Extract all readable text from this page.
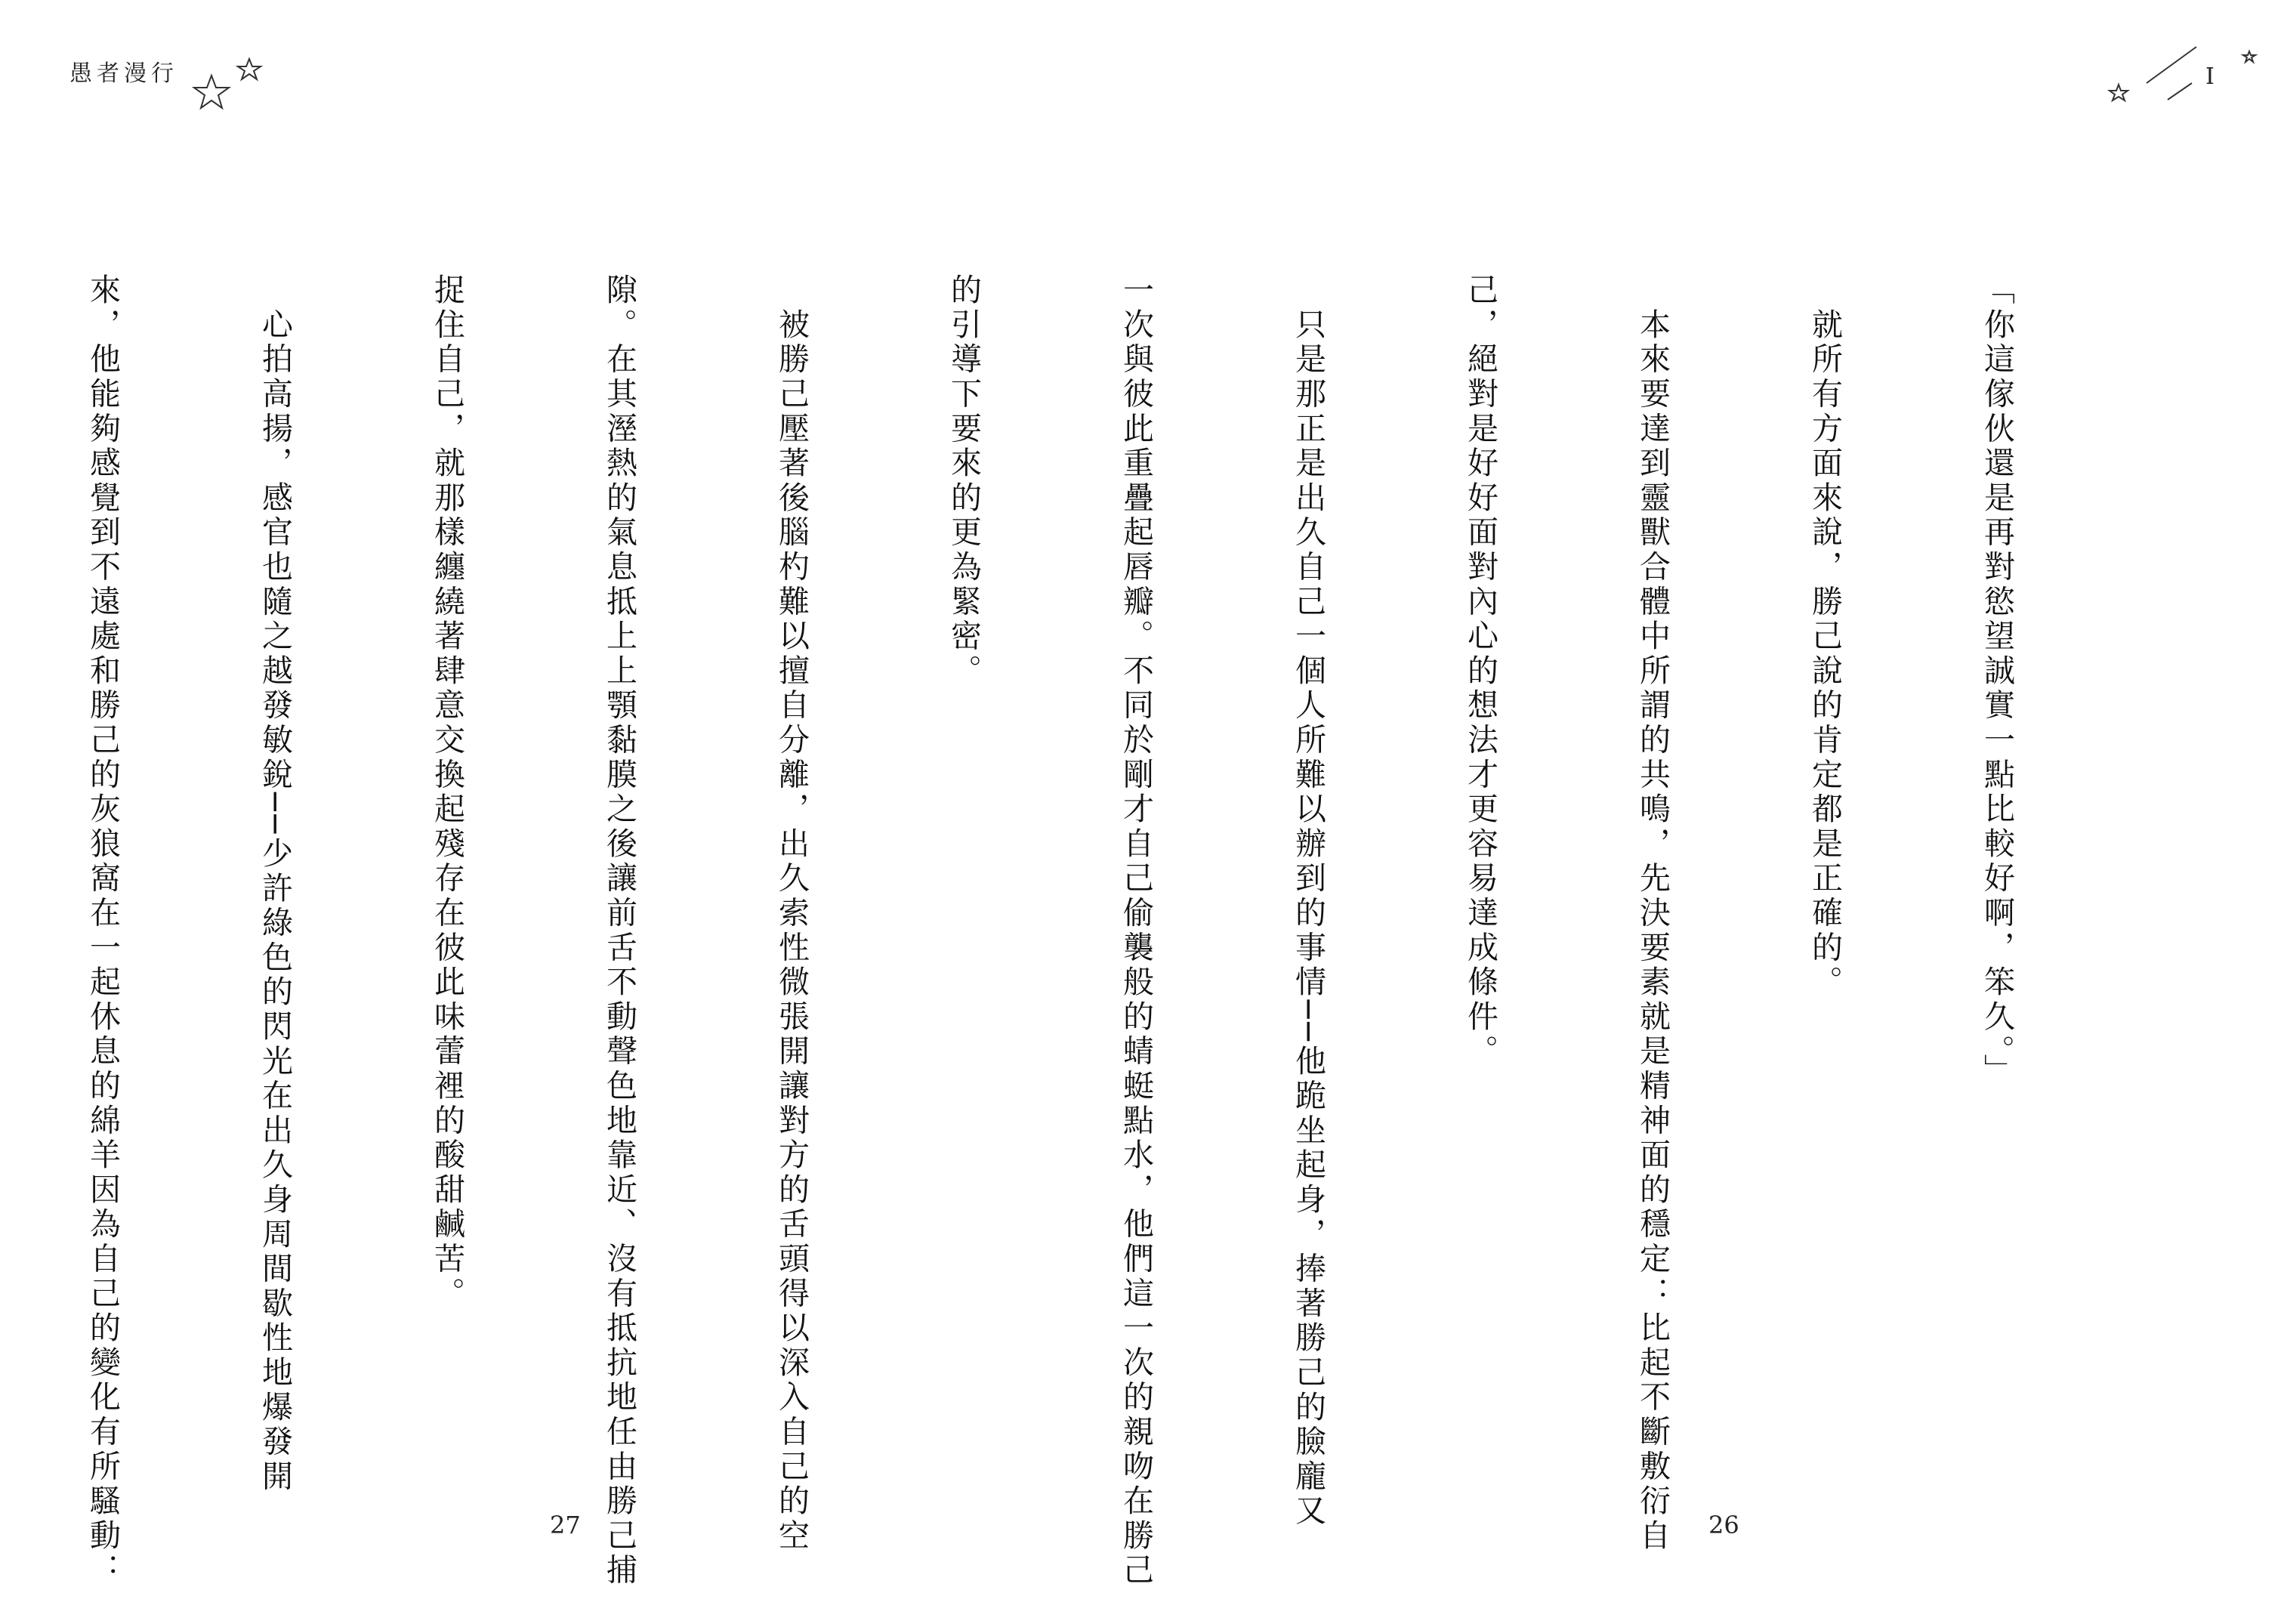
愚者漫行

27
I

「你這傢伙還是再對慾望誠實一點比較好啊，笨久。」

　就所有方面來說，勝己說的肯定都是正確的。

　本來要達到靈獸合體中所謂的共鳴，先決要素就是精神面的穩定：比起不斷敷衍自

己，絕對是好好面對內心的想法才更容易達成條件。

　只是那正是出久自己一個人所難以辦到的事情──他跪坐起身，捧著勝己的臉龐又

一次與彼此重疊起唇瓣。不同於剛才自己偷襲般的蜻蜓點水，他們這一次的親吻在勝己

的引導下要來的更為緊密。

　被勝己壓著後腦杓難以擅自分離，出久索性微張開讓對方的舌頭得以深入自己的空

隙。在其溼熱的氣息抵上上顎黏膜之後讓前舌不動聲色地靠近、沒有抵抗地任由勝己捕

捉住自己，就那樣纏繞著肆意交換起殘存在彼此味蕾裡的酸甜鹹苦。

　心拍高揚，感官也隨之越發敏銳──少許綠色的閃光在出久身周間歇性地爆發開

來，他能夠感覺到不遠處和勝己的灰狼窩在一起休息的綿羊因為自己的變化有所騷動：

	26
